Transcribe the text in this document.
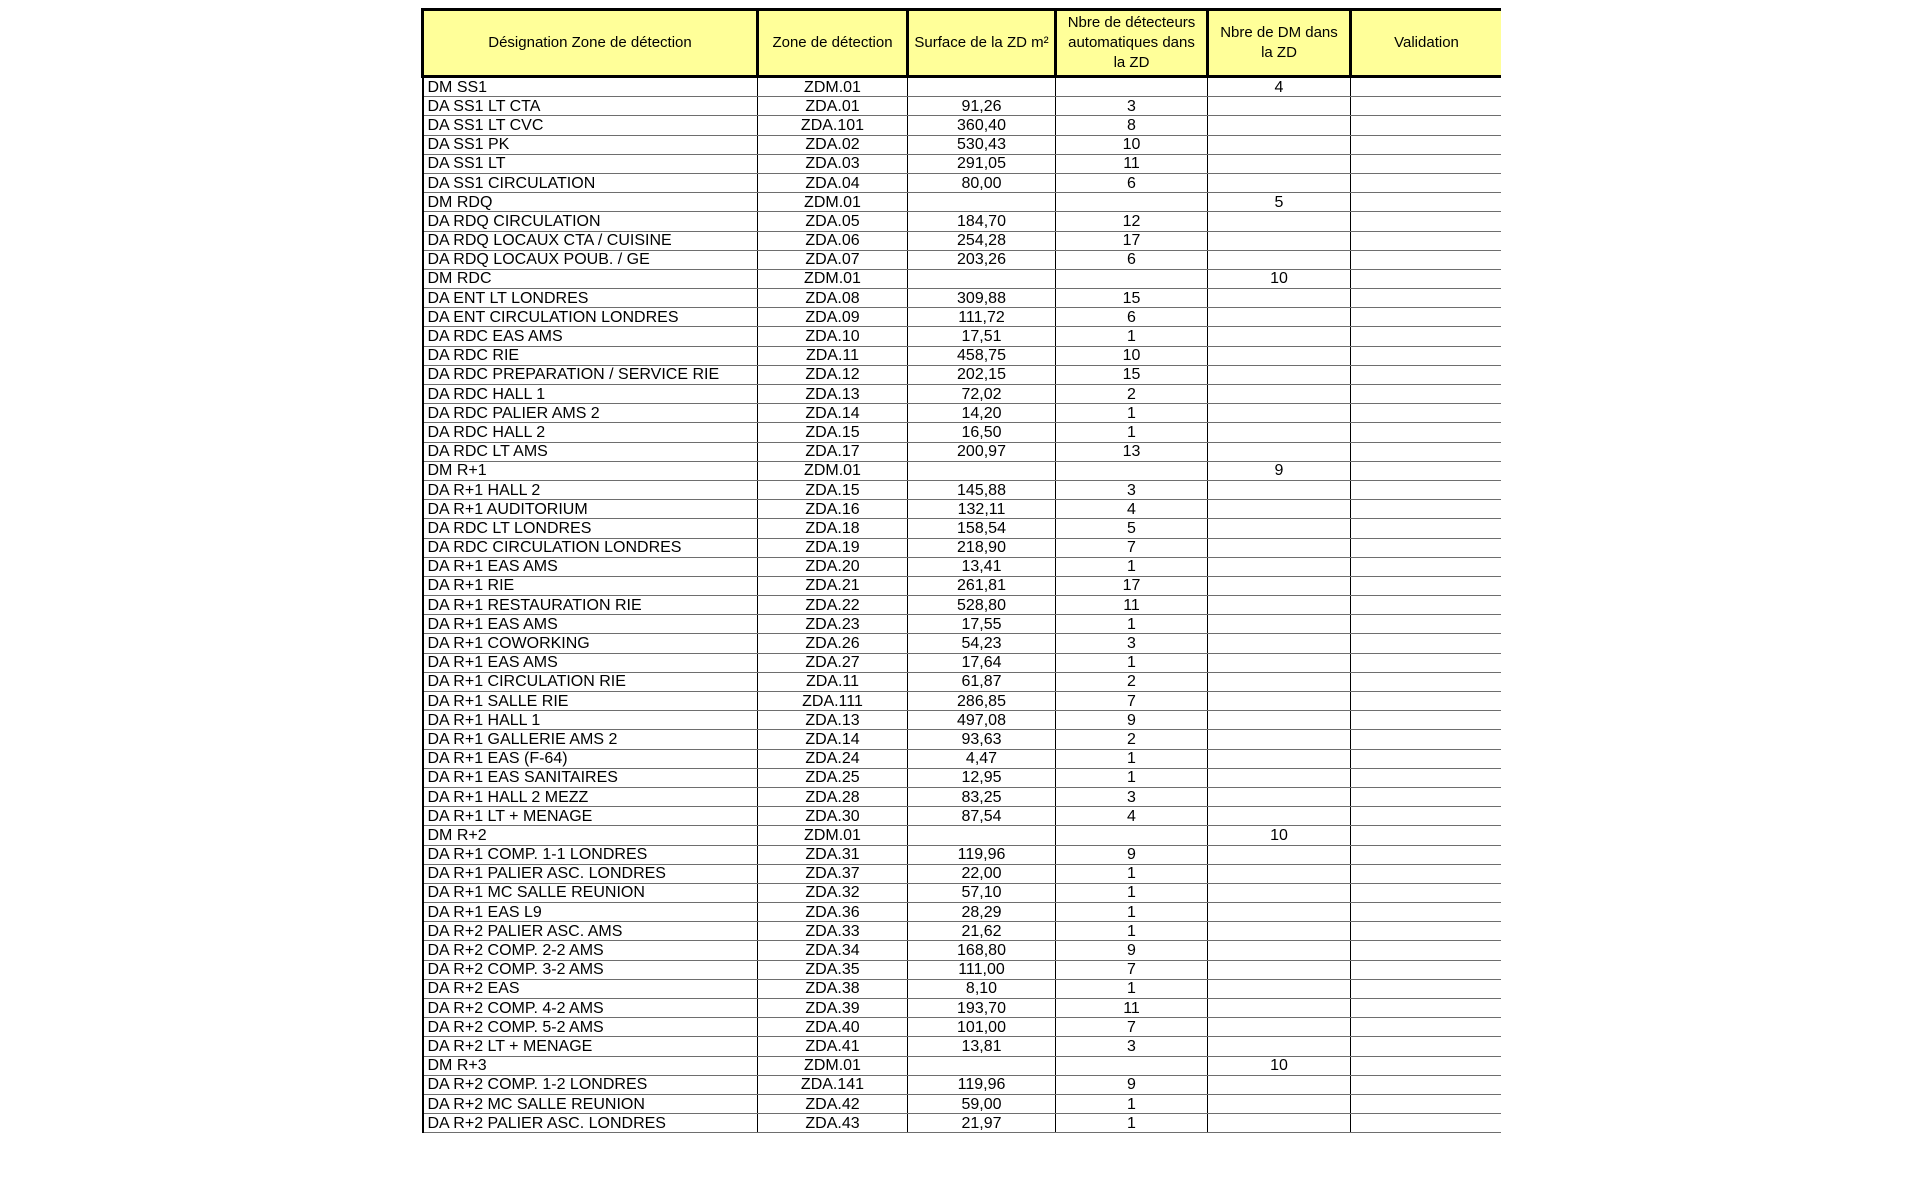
Désignation Zone de détection	Zone de détection	Surface de la ZD m²	Nbre de détecteurs automatiques dans la ZD	Nbre de DM dans la ZD	Validation
DM SS1	ZDM.01			4	
DA SS1 LT CTA	ZDA.01	91,26	3		
DA SS1 LT CVC	ZDA.101	360,40	8		
DA SS1 PK	ZDA.02	530,43	10		
DA SS1 LT	ZDA.03	291,05	11		
DA SS1 CIRCULATION	ZDA.04	80,00	6		
DM RDQ	ZDM.01			5	
DA RDQ CIRCULATION	ZDA.05	184,70	12		
DA RDQ LOCAUX CTA / CUISINE	ZDA.06	254,28	17		
DA RDQ LOCAUX POUB. / GE	ZDA.07	203,26	6		
DM RDC	ZDM.01			10	
DA ENT LT LONDRES	ZDA.08	309,88	15		
DA ENT CIRCULATION LONDRES	ZDA.09	111,72	6		
DA RDC EAS AMS	ZDA.10	17,51	1		
DA RDC RIE	ZDA.11	458,75	10		
DA RDC PREPARATION / SERVICE RIE	ZDA.12	202,15	15		
DA RDC HALL 1	ZDA.13	72,02	2		
DA RDC PALIER AMS 2	ZDA.14	14,20	1		
DA RDC HALL 2	ZDA.15	16,50	1		
DA RDC LT AMS	ZDA.17	200,97	13		
DM R+1	ZDM.01			9	
DA R+1 HALL 2	ZDA.15	145,88	3		
DA R+1 AUDITORIUM	ZDA.16	132,11	4		
DA RDC LT LONDRES	ZDA.18	158,54	5		
DA RDC CIRCULATION LONDRES	ZDA.19	218,90	7		
DA R+1 EAS AMS	ZDA.20	13,41	1		
DA R+1 RIE	ZDA.21	261,81	17		
DA R+1 RESTAURATION RIE	ZDA.22	528,80	11		
DA R+1 EAS AMS	ZDA.23	17,55	1		
DA R+1 COWORKING	ZDA.26	54,23	3		
DA R+1 EAS AMS	ZDA.27	17,64	1		
DA R+1 CIRCULATION RIE	ZDA.11	61,87	2		
DA R+1 SALLE RIE	ZDA.111	286,85	7		
DA R+1 HALL 1	ZDA.13	497,08	9		
DA R+1 GALLERIE AMS 2	ZDA.14	93,63	2		
DA R+1 EAS (F-64)	ZDA.24	4,47	1		
DA R+1 EAS SANITAIRES	ZDA.25	12,95	1		
DA R+1 HALL 2 MEZZ	ZDA.28	83,25	3		
DA R+1 LT + MENAGE	ZDA.30	87,54	4		
DM R+2	ZDM.01			10	
DA R+1 COMP. 1-1 LONDRES	ZDA.31	119,96	9		
DA R+1 PALIER ASC. LONDRES	ZDA.37	22,00	1		
DA R+1 MC SALLE REUNION	ZDA.32	57,10	1		
DA R+1 EAS L9	ZDA.36	28,29	1		
DA R+2 PALIER ASC. AMS	ZDA.33	21,62	1		
DA R+2 COMP. 2-2 AMS	ZDA.34	168,80	9		
DA R+2 COMP. 3-2 AMS	ZDA.35	111,00	7		
DA R+2 EAS	ZDA.38	8,10	1		
DA R+2 COMP. 4-2 AMS	ZDA.39	193,70	11		
DA R+2 COMP. 5-2 AMS	ZDA.40	101,00	7		
DA R+2 LT + MENAGE	ZDA.41	13,81	3		
DM R+3	ZDM.01			10	
DA R+2 COMP. 1-2 LONDRES	ZDA.141	119,96	9		
DA R+2 MC SALLE REUNION	ZDA.42	59,00	1		
DA R+2 PALIER ASC. LONDRES	ZDA.43	21,97	1		
